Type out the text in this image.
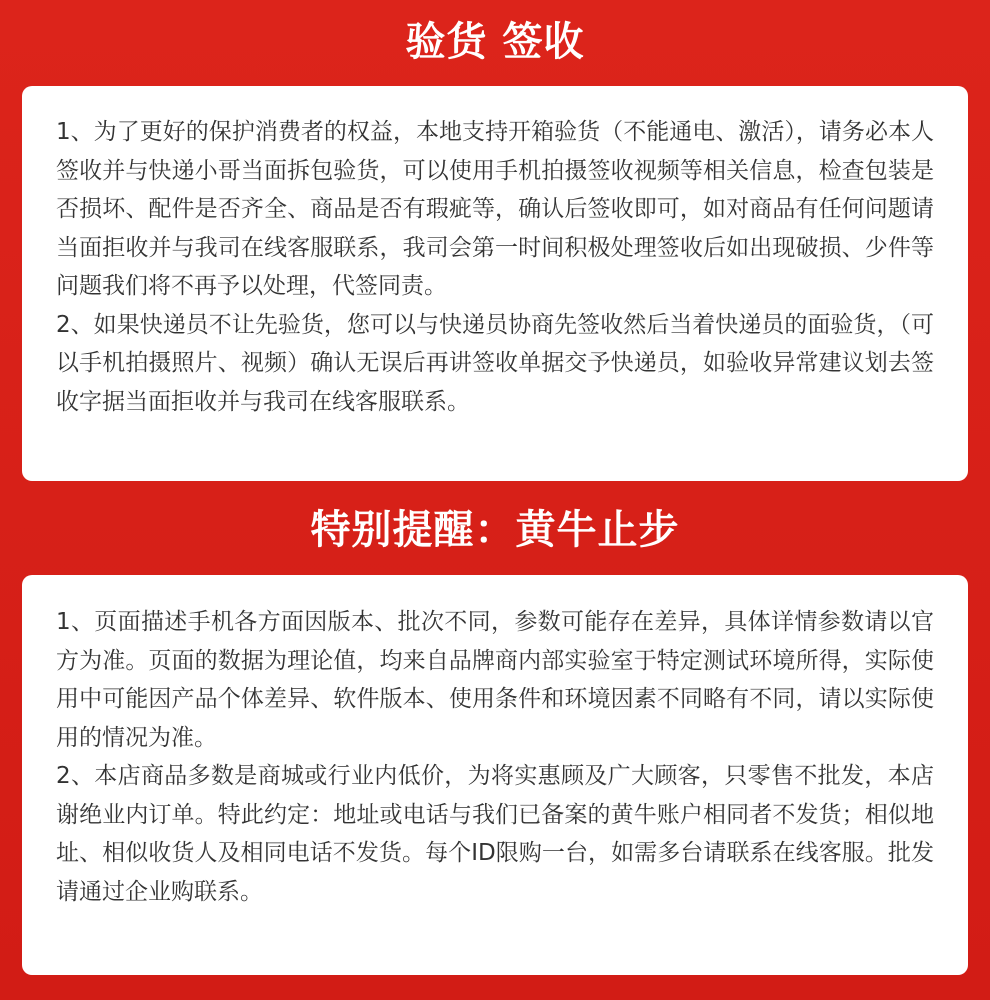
验货 签收

1、为了更好的保护消费者的权益，本地支持开箱验货（不能通电、激活），请务必本人签收并与快递小哥当面拆包验货，可以使用手机拍摄签收视频等相关信息，检查包装是否损坏、配件是否齐全、商品是否有瑕疵等，确认后签收即可，如对商品有任何问题请当面拒收并与我司在线客服联系，我司会第一时间积极处理签收后如出现破损、少件等问题我们将不再予以处理，代签同责。

2、如果快递员不让先验货，您可以与快递员协商先签收然后当着快递员的面验货，（可以手机拍摄照片、视频）确认无误后再讲签收单据交予快递员，如验收异常建议划去签收字据当面拒收并与我司在线客服联系。

特别提醒：黄牛止步

1、页面描述手机各方面因版本、批次不同，参数可能存在差异，具体详情参数请以官方为准。页面的数据为理论值，均来自品牌商内部实验室于特定测试环境所得，实际使用中可能因产品个体差异、软件版本、使用条件和环境因素不同略有不同，请以实际使用的情况为准。

2、本店商品多数是商城或行业内低价，为将实惠顾及广大顾客，只零售不批发，本店谢绝业内订单。特此约定：地址或电话与我们已备案的黄牛账户相同者不发货；相似地址、相似收货人及相同电话不发货。每个ID限购一台，如需多台请联系在线客服。批发请通过企业购联系。
